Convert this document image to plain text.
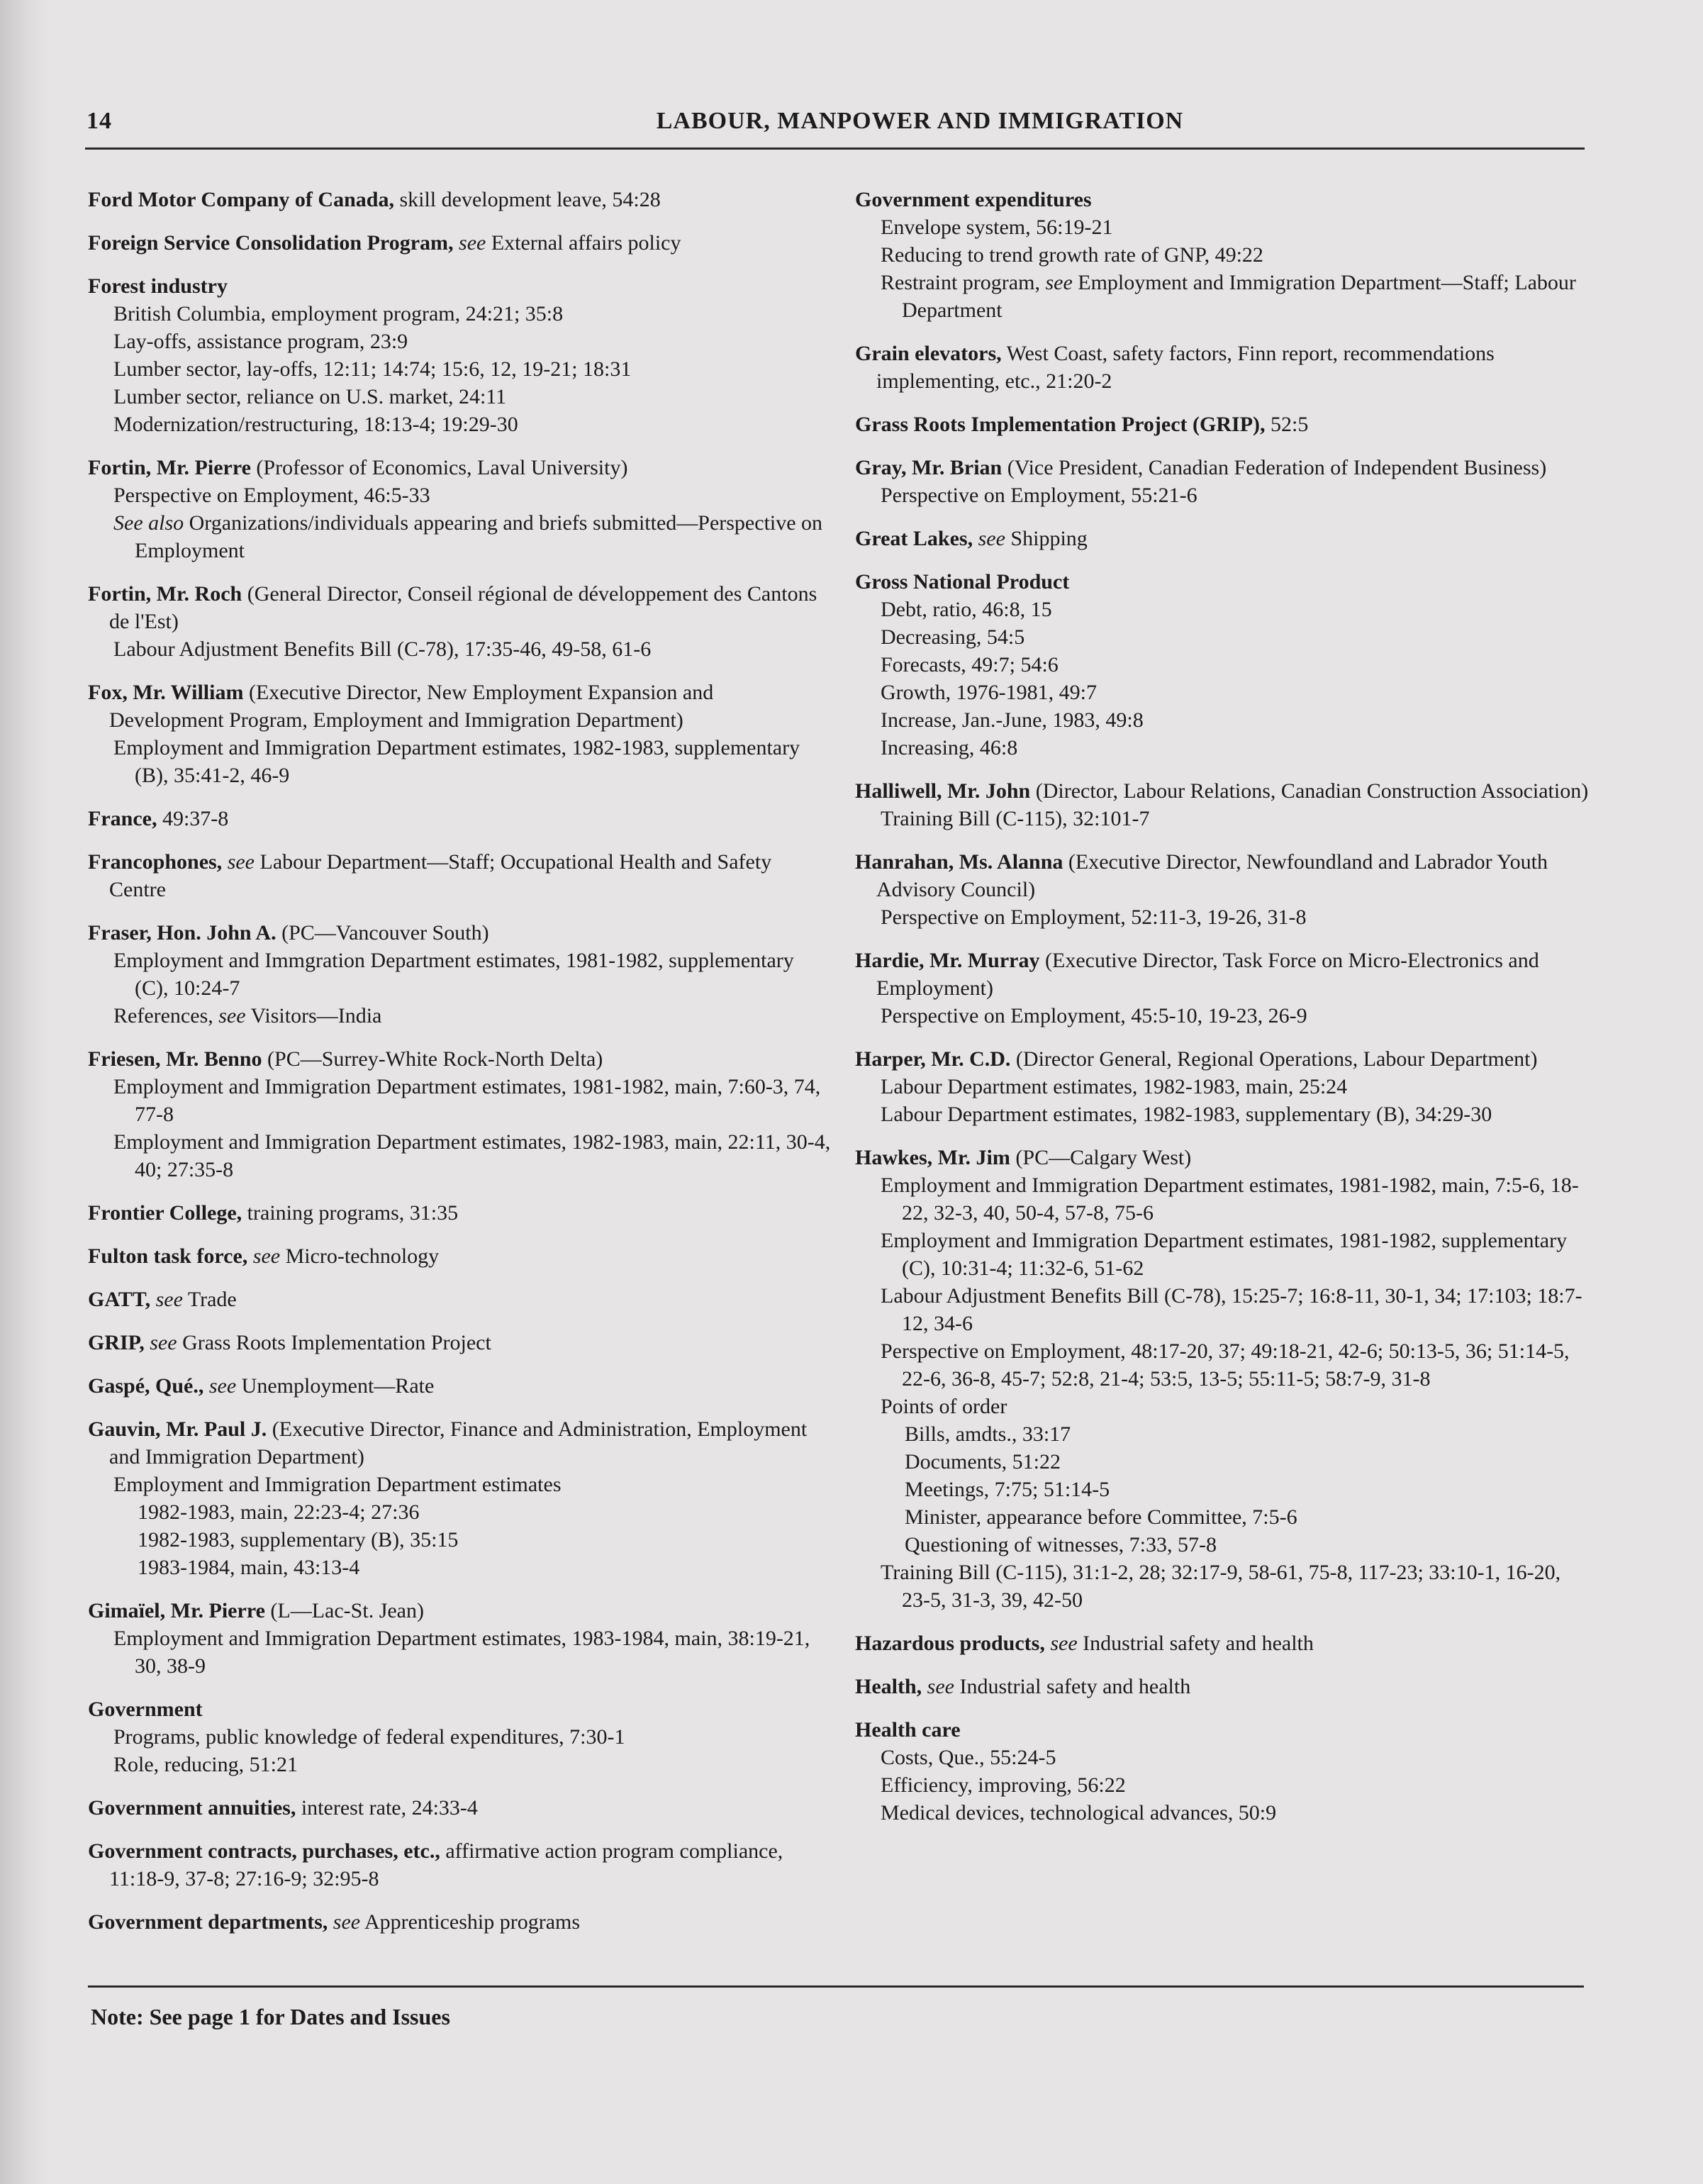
14	LABOUR, MANPOWER AND IMMIGRATION
Ford Motor Company of Canada, skill development leave, 54:28
Foreign Service Consolidation Program, see External affairs policy
Forest industry
British Columbia, employment program, 24:21; 35:8
Lay-offs, assistance program, 23:9
Lumber sector, lay-offs, 12:11; 14:74; 15:6, 12, 19-21; 18:31
Lumber sector, reliance on U.S. market, 24:11
Modernization/restructuring, 18:13-4; 19:29-30
Fortin, Mr. Pierre (Professor of Economics, Laval University)
Perspective on Employment, 46:5-33
See also Organizations/individuals appearing and briefs submitted—Perspective on Employment
Fortin, Mr. Roch (General Director, Conseil régional de développement des Cantons de l'Est)
Labour Adjustment Benefits Bill (C-78), 17:35-46, 49-58, 61-6
Fox, Mr. William (Executive Director, New Employment Expansion and Development Program, Employment and Immigration Department)
Employment and Immigration Department estimates, 1982-1983, supplementary (B), 35:41-2, 46-9
France, 49:37-8
Francophones, see Labour Department—Staff; Occupational Health and Safety Centre
Fraser, Hon. John A. (PC—Vancouver South)
Employment and Immgration Department estimates, 1981-1982, supplementary (C), 10:24-7
References, see Visitors—India
Friesen, Mr. Benno (PC—Surrey-White Rock-North Delta)
Employment and Immigration Department estimates, 1981-1982, main, 7:60-3, 74, 77-8
Employment and Immigration Department estimates, 1982-1983, main, 22:11, 30-4, 40; 27:35-8
Frontier College, training programs, 31:35
Fulton task force, see Micro-technology
GATT, see Trade
GRIP, see Grass Roots Implementation Project
Gaspé, Qué., see Unemployment—Rate
Gauvin, Mr. Paul J. (Executive Director, Finance and Administration, Employment and Immigration Department)
Employment and Immigration Department estimates
1982-1983, main, 22:23-4; 27:36
1982-1983, supplementary (B), 35:15
1983-1984, main, 43:13-4
Gimaïel, Mr. Pierre (L—Lac-St. Jean)
Employment and Immigration Department estimates, 1983-1984, main, 38:19-21, 30, 38-9
Government
Programs, public knowledge of federal expenditures, 7:30-1
Role, reducing, 51:21
Government annuities, interest rate, 24:33-4
Government contracts, purchases, etc., affirmative action program compliance, 11:18-9, 37-8; 27:16-9; 32:95-8
Government departments, see Apprenticeship programs
Government expenditures
Envelope system, 56:19-21
Reducing to trend growth rate of GNP, 49:22
Restraint program, see Employment and Immigration Department—Staff; Labour Department
Grain elevators, West Coast, safety factors, Finn report, recommendations implementing, etc., 21:20-2
Grass Roots Implementation Project (GRIP), 52:5
Gray, Mr. Brian (Vice President, Canadian Federation of Independent Business)
Perspective on Employment, 55:21-6
Great Lakes, see Shipping
Gross National Product
Debt, ratio, 46:8, 15
Decreasing, 54:5
Forecasts, 49:7; 54:6
Growth, 1976-1981, 49:7
Increase, Jan.-June, 1983, 49:8
Increasing, 46:8
Halliwell, Mr. John (Director, Labour Relations, Canadian Construction Association)
Training Bill (C-115), 32:101-7
Hanrahan, Ms. Alanna (Executive Director, Newfoundland and Labrador Youth Advisory Council)
Perspective on Employment, 52:11-3, 19-26, 31-8
Hardie, Mr. Murray (Executive Director, Task Force on Micro-Electronics and Employment)
Perspective on Employment, 45:5-10, 19-23, 26-9
Harper, Mr. C.D. (Director General, Regional Operations, Labour Department)
Labour Department estimates, 1982-1983, main, 25:24
Labour Department estimates, 1982-1983, supplementary (B), 34:29-30
Hawkes, Mr. Jim (PC—Calgary West)
Employment and Immigration Department estimates, 1981-1982, main, 7:5-6, 18-22, 32-3, 40, 50-4, 57-8, 75-6
Employment and Immigration Department estimates, 1981-1982, supplementary (C), 10:31-4; 11:32-6, 51-62
Labour Adjustment Benefits Bill (C-78), 15:25-7; 16:8-11, 30-1, 34; 17:103; 18:7-12, 34-6
Perspective on Employment, 48:17-20, 37; 49:18-21, 42-6; 50:13-5, 36; 51:14-5, 22-6, 36-8, 45-7; 52:8, 21-4; 53:5, 13-5; 55:11-5; 58:7-9, 31-8
Points of order
Bills, amdts., 33:17
Documents, 51:22
Meetings, 7:75; 51:14-5
Minister, appearance before Committee, 7:5-6
Questioning of witnesses, 7:33, 57-8
Training Bill (C-115), 31:1-2, 28; 32:17-9, 58-61, 75-8, 117-23; 33:10-1, 16-20, 23-5, 31-3, 39, 42-50
Hazardous products, see Industrial safety and health
Health, see Industrial safety and health
Health care
Costs, Que., 55:24-5
Efficiency, improving, 56:22
Medical devices, technological advances, 50:9
Note: See page 1 for Dates and Issues
